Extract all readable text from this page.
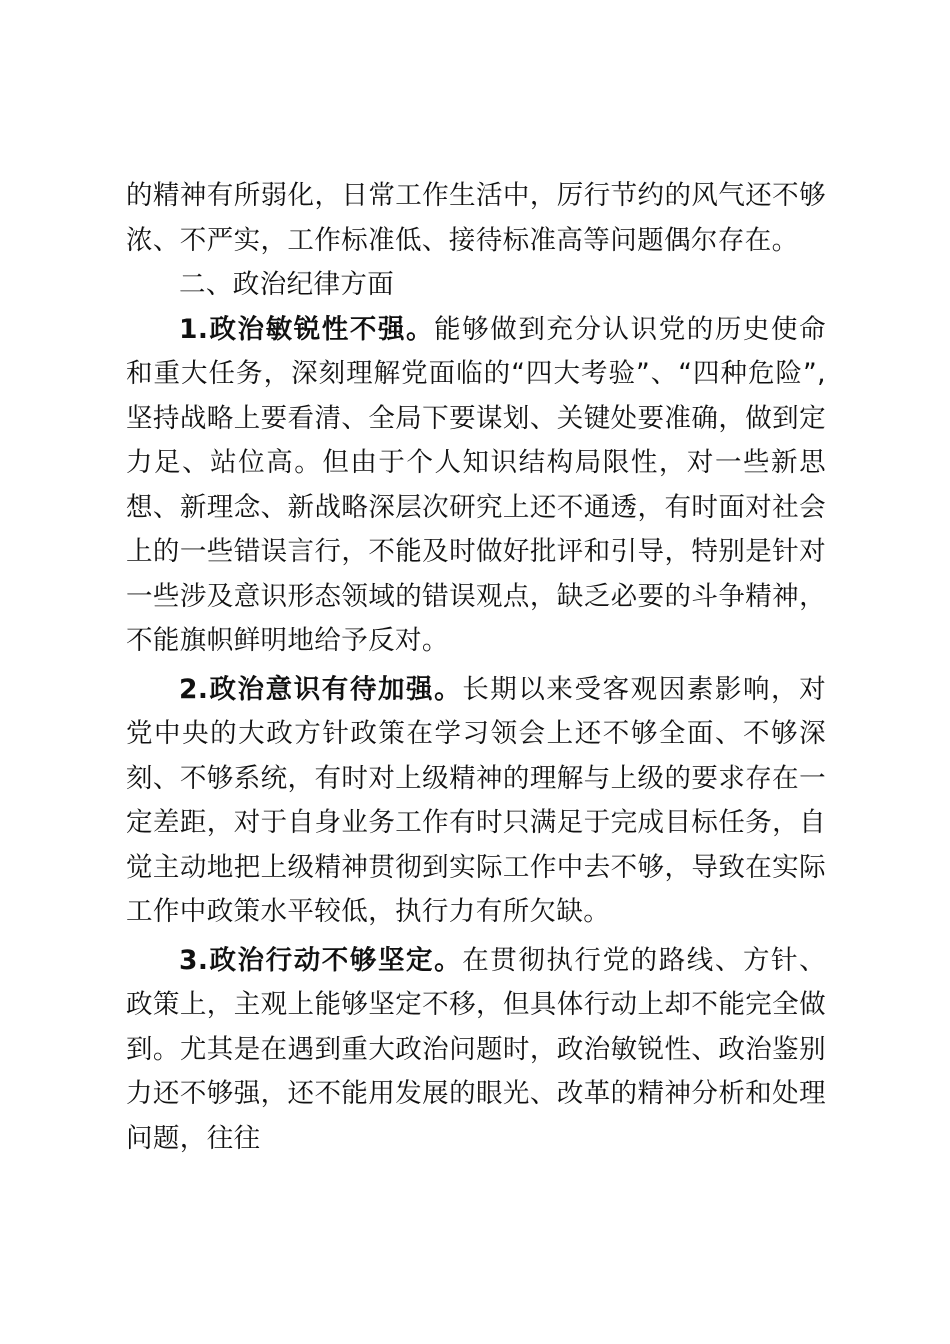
的精神有所弱化，日常工作生活中，厉行节约的风气还不够浓、不严实，工作标准低、接待标准高等问题偶尔存在。

二、政治纪律方面

1.政治敏锐性不强。能够做到充分认识党的历史使命和重大任务，深刻理解党面临的“四大考验”、“四种危险”,坚持战略上要看清、全局下要谋划、关键处要准确，做到定力足、站位高。但由于个人知识结构局限性，对一些新思想、新理念、新战略深层次研究上还不通透，有时面对社会上的一些错误言行，不能及时做好批评和引导，特别是针对一些涉及意识形态领域的错误观点，缺乏必要的斗争精神，不能旗帜鲜明地给予反对。

2.政治意识有待加强。长期以来受客观因素影响，对党中央的大政方针政策在学习领会上还不够全面、不够深刻、不够系统，有时对上级精神的理解与上级的要求存在一定差距，对于自身业务工作有时只满足于完成目标任务，自觉主动地把上级精神贯彻到实际工作中去不够，导致在实际工作中政策水平较低，执行力有所欠缺。

3.政治行动不够坚定。在贯彻执行党的路线、方针、政策上，主观上能够坚定不移，但具体行动上却不能完全做到。尤其是在遇到重大政治问题时，政治敏锐性、政治鉴别力还不够强，还不能用发展的眼光、改革的精神分析和处理问题，往往
